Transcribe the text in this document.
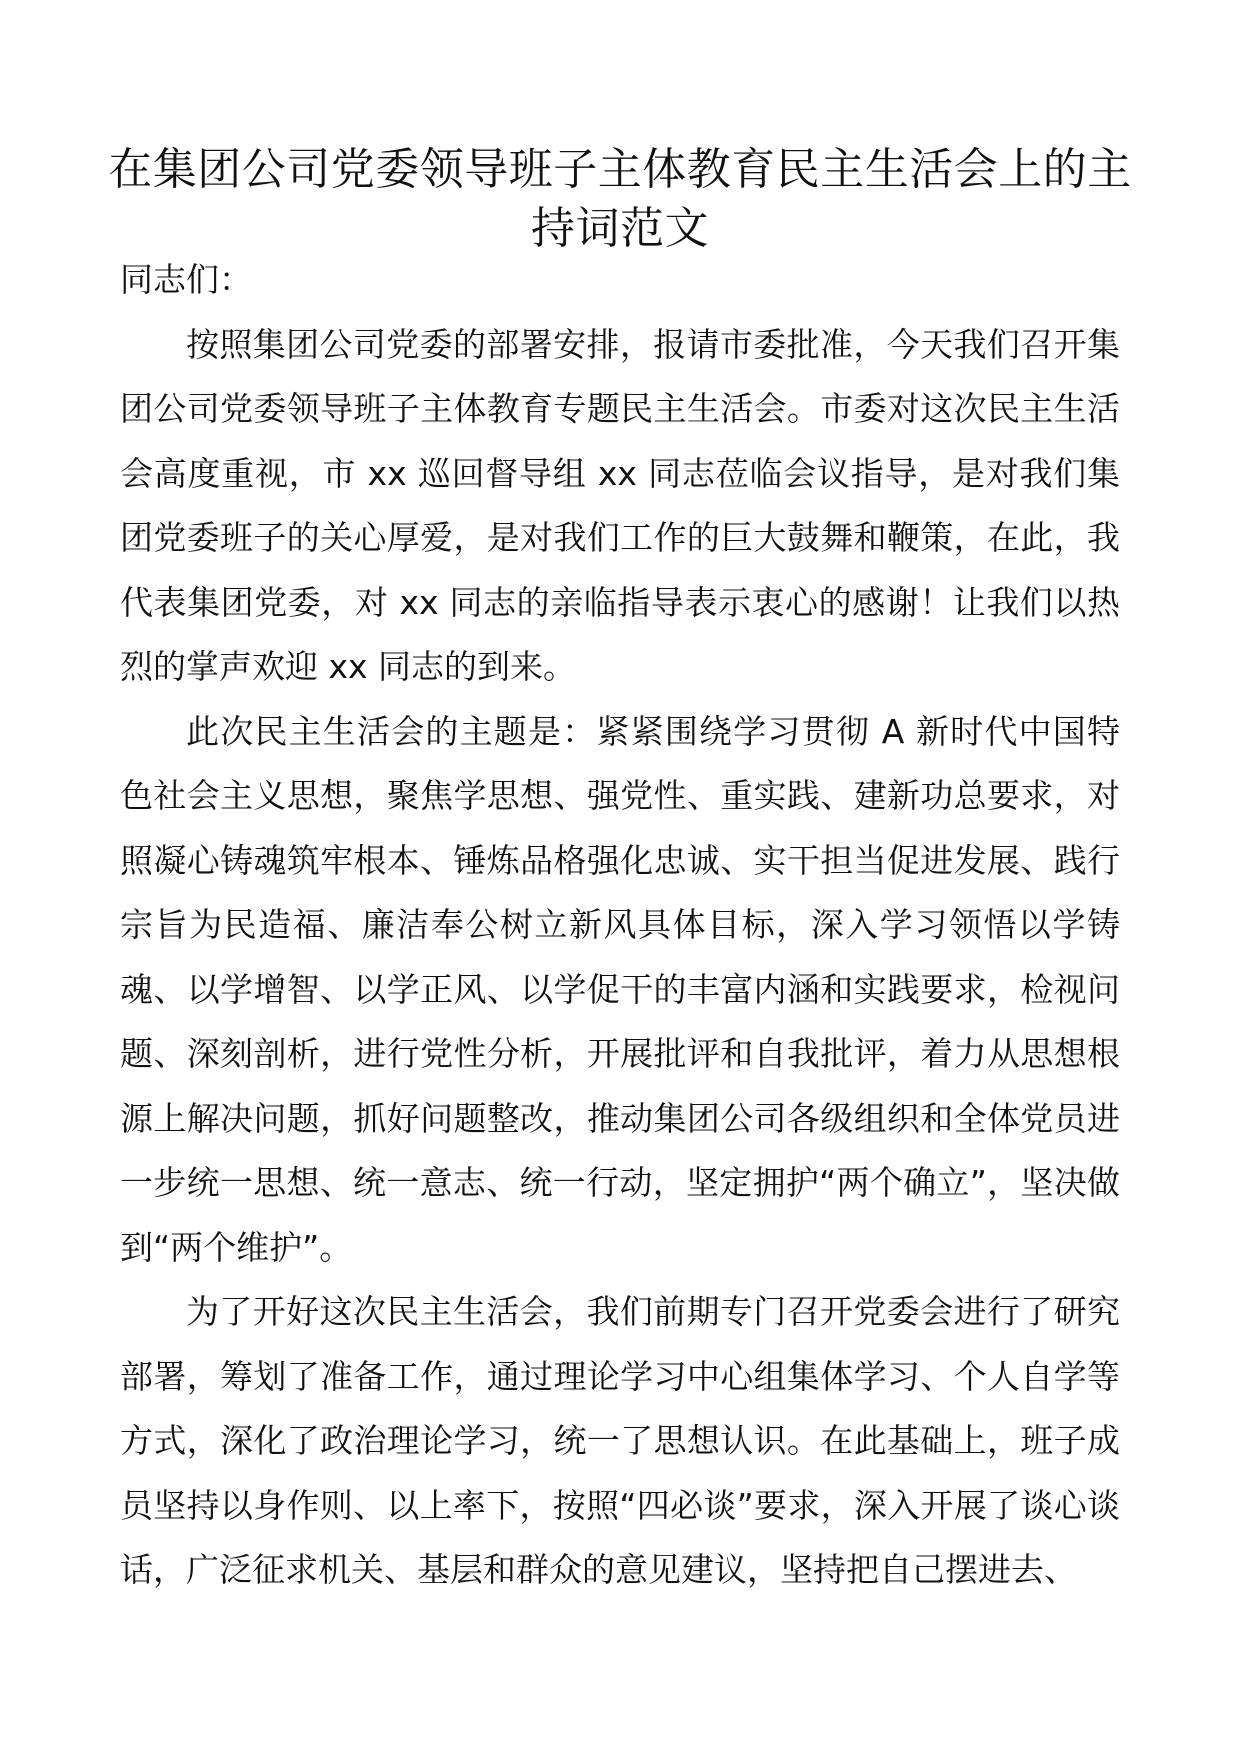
在集团公司党委领导班子主体教育民主生活会上的主持词范文

同志们：

按照集团公司党委的部署安排，报请市委批准，今天我们召开集团公司党委领导班子主体教育专题民主生活会。市委对这次民主生活会高度重视，市 xx 巡回督导组 xx 同志莅临会议指导，是对我们集团党委班子的关心厚爱，是对我们工作的巨大鼓舞和鞭策，在此，我代表集团党委，对 xx 同志的亲临指导表示衷心的感谢！让我们以热烈的掌声欢迎 xx 同志的到来。

此次民主生活会的主题是：紧紧围绕学习贯彻 A 新时代中国特色社会主义思想，聚焦学思想、强党性、重实践、建新功总要求，对照凝心铸魂筑牢根本、锤炼品格强化忠诚、实干担当促进发展、践行宗旨为民造福、廉洁奉公树立新风具体目标，深入学习领悟以学铸魂、以学增智、以学正风、以学促干的丰富内涵和实践要求，检视问题、深刻剖析，进行党性分析，开展批评和自我批评，着力从思想根源上解决问题，抓好问题整改，推动集团公司各级组织和全体党员进一步统一思想、统一意志、统一行动，坚定拥护“两个确立”，坚决做到“两个维护”。

为了开好这次民主生活会，我们前期专门召开党委会进行了研究部署，筹划了准备工作，通过理论学习中心组集体学习、个人自学等方式，深化了政治理论学习，统一了思想认识。在此基础上，班子成员坚持以身作则、以上率下，按照“四必谈”要求，深入开展了谈心谈话，广泛征求机关、基层和群众的意见建议，坚持把自己摆进去、
